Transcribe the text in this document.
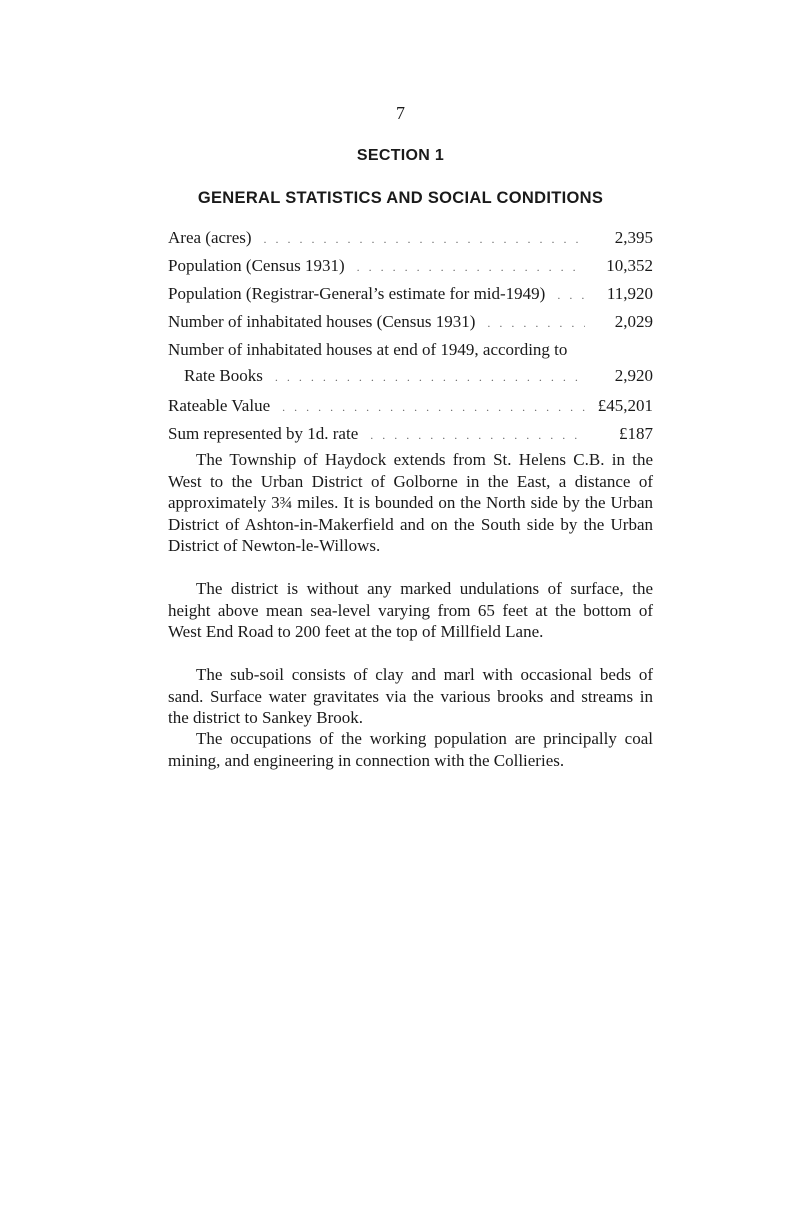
7
SECTION 1
GENERAL STATISTICS AND SOCIAL CONDITIONS
Area (acres) . . .	2,395
Population (Census 1931) . . .	10,352
Population (Registrar-General’s estimate for mid-1949) . . .	11,920
Number of inhabitated houses (Census 1931) . . .	2,029
Number of inhabitated houses at end of 1949, according to
Rate Books . . .	2,920
Rateable Value . . .	£45,201
Sum represented by 1d. rate . . .	£187

The Township of Haydock extends from St. Helens C.B. in the West to the Urban District of Golborne in the East, a distance of approximately 3¾ miles. It is bounded on the North side by the Urban District of Ashton-in-Makerfield and on the South side by the Urban District of Newton-le-Willows.

The district is without any marked undulations of surface, the height above mean sea-level varying from 65 feet at the bottom of West End Road to 200 feet at the top of Millfield Lane.

The sub-soil consists of clay and marl with occasional beds of sand. Surface water gravitates via the various brooks and streams in the district to Sankey Brook.

The occupations of the working population are principally coal mining, and engineering in connection with the Collieries.
